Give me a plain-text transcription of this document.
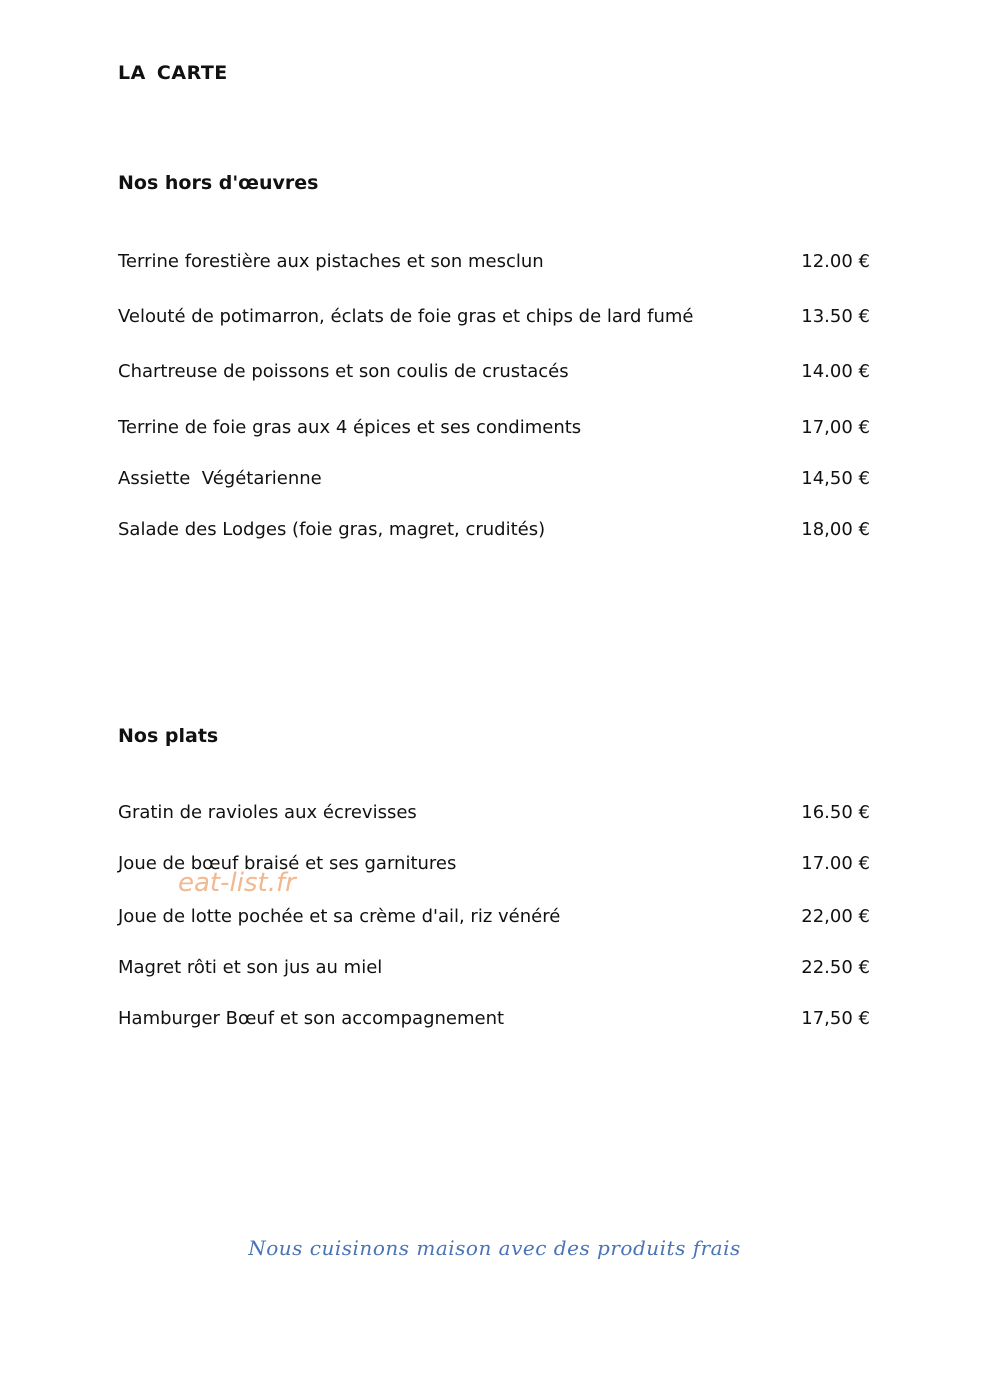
LA CARTE
Nos hors d'œuvres
Terrine forestière aux pistaches et son mesclun	12.00 €
Velouté de potimarron, éclats de foie gras et chips de lard fumé	13.50 €
Chartreuse de poissons et son coulis de crustacés	14.00 €
Terrine de foie gras aux 4 épices et ses condiments	17,00 €
Assiette  Végétarienne	14,50 €
Salade des Lodges (foie gras, magret, crudités)	18,00 €
Nos plats
Gratin de ravioles aux écrevisses	16.50 €
Joue de bœuf braisé et ses garnitures	17.00 €
Joue de lotte pochée et sa crème d'ail, riz vénéré	22,00 €
Magret rôti et son jus au miel	22.50 €
Hamburger Bœuf et son accompagnement	17,50 €
eat-list.fr
Nous cuisinons maison avec des produits frais
